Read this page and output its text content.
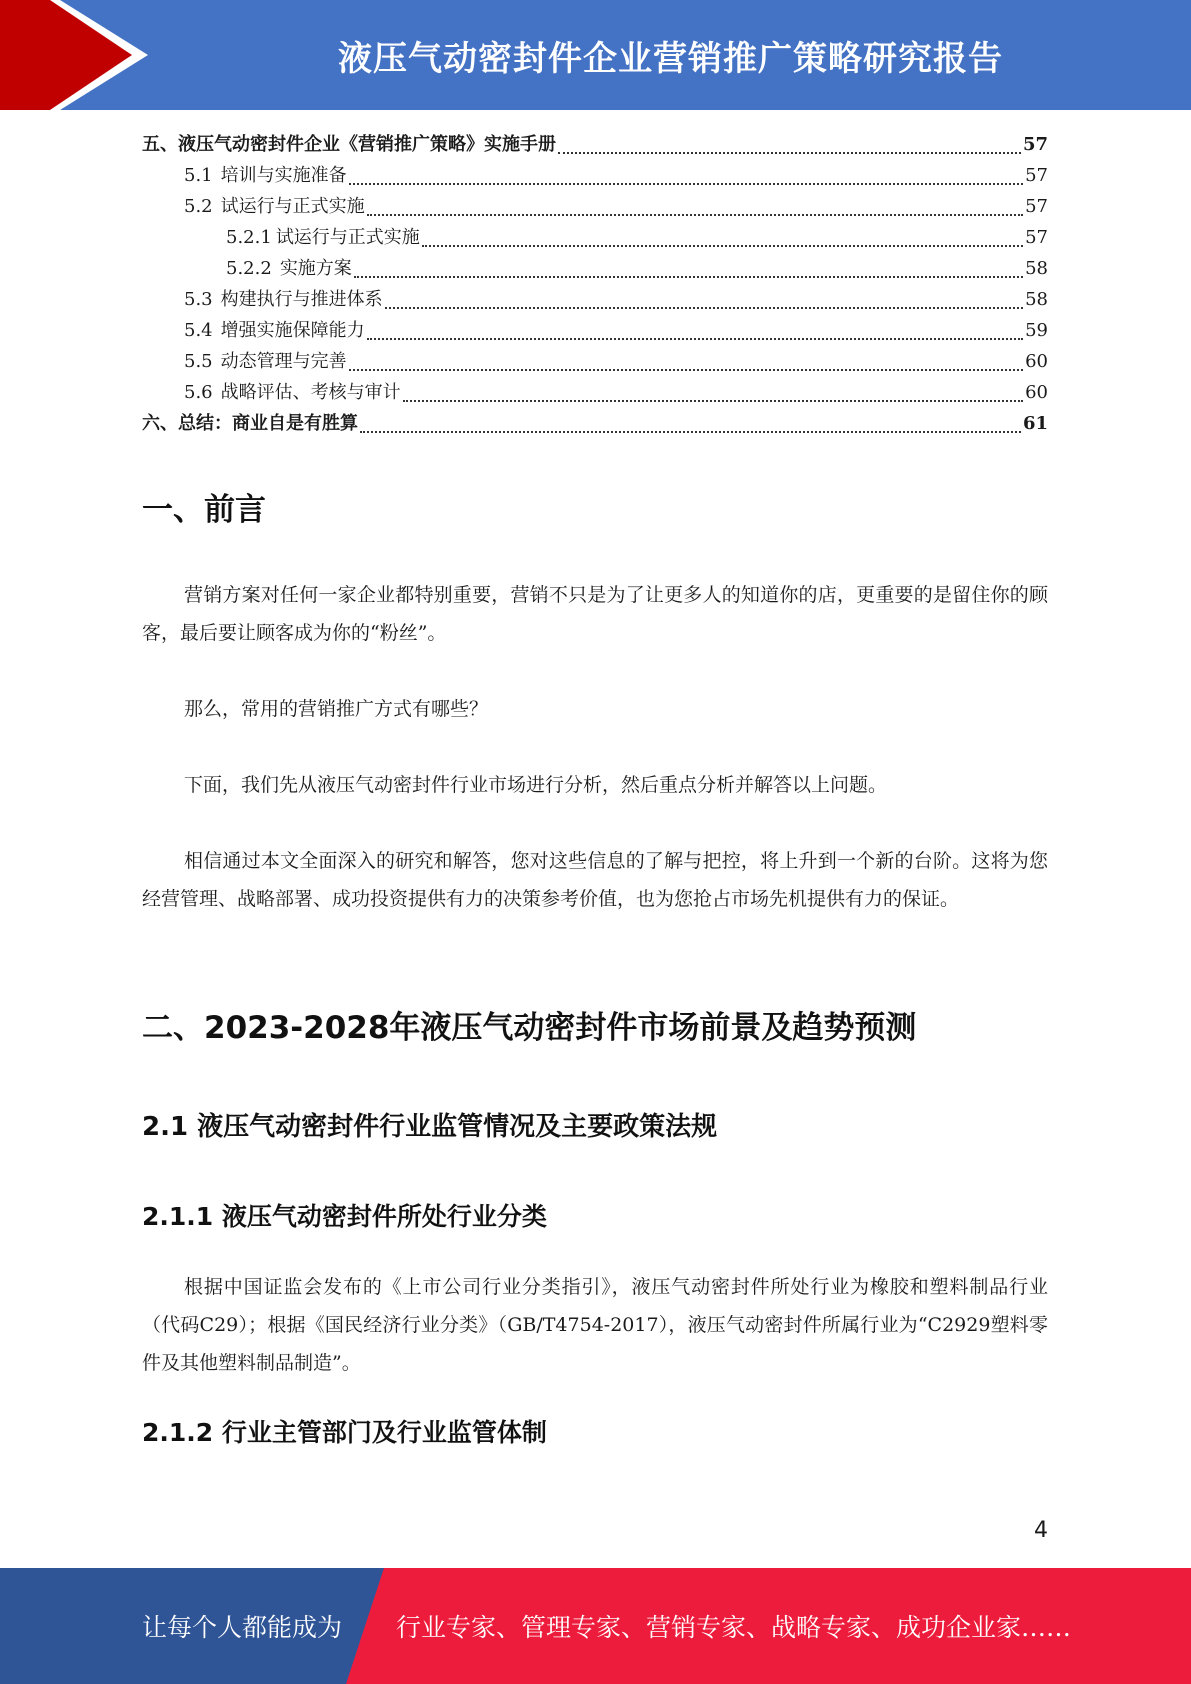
液压气动密封件企业营销推广策略研究报告
五、液压气动密封件企业《营销推广策略》实施手册	57
5.1 培训与实施准备	57
5.2 试运行与正式实施	57
5.2.1 试运行与正式实施	57
5.2.2 实施方案	58
5.3 构建执行与推进体系	58
5.4 增强实施保障能力	59
5.5 动态管理与完善	60
5.6 战略评估、考核与审计	60
六、总结：商业自是有胜算	61
一、前言

营销方案对任何一家企业都特别重要，营销不只是为了让更多人的知道你的店，更重要的是留住你的顾客，最后要让顾客成为你的“粉丝”。

那么，常用的营销推广方式有哪些？

下面，我们先从液压气动密封件行业市场进行分析，然后重点分析并解答以上问题。

相信通过本文全面深入的研究和解答，您对这些信息的了解与把控，将上升到一个新的台阶。这将为您经营管理、战略部署、成功投资提供有力的决策参考价值，也为您抢占市场先机提供有力的保证。

二、2023-2028年液压气动密封件市场前景及趋势预测
2.1 液压气动密封件行业监管情况及主要政策法规
2.1.1 液压气动密封件所处行业分类

根据中国证监会发布的《上市公司行业分类指引》，液压气动密封件所处行业为橡胶和塑料制品行业（代码C29）；根据《国民经济行业分类》（GB/T4754-2017），液压气动密封件所属行业为“C2929塑料零件及其他塑料制品制造”。

2.1.2 行业主管部门及行业监管体制
4
让每个人都能成为 行业专家、管理专家、营销专家、战略专家、成功企业家……
